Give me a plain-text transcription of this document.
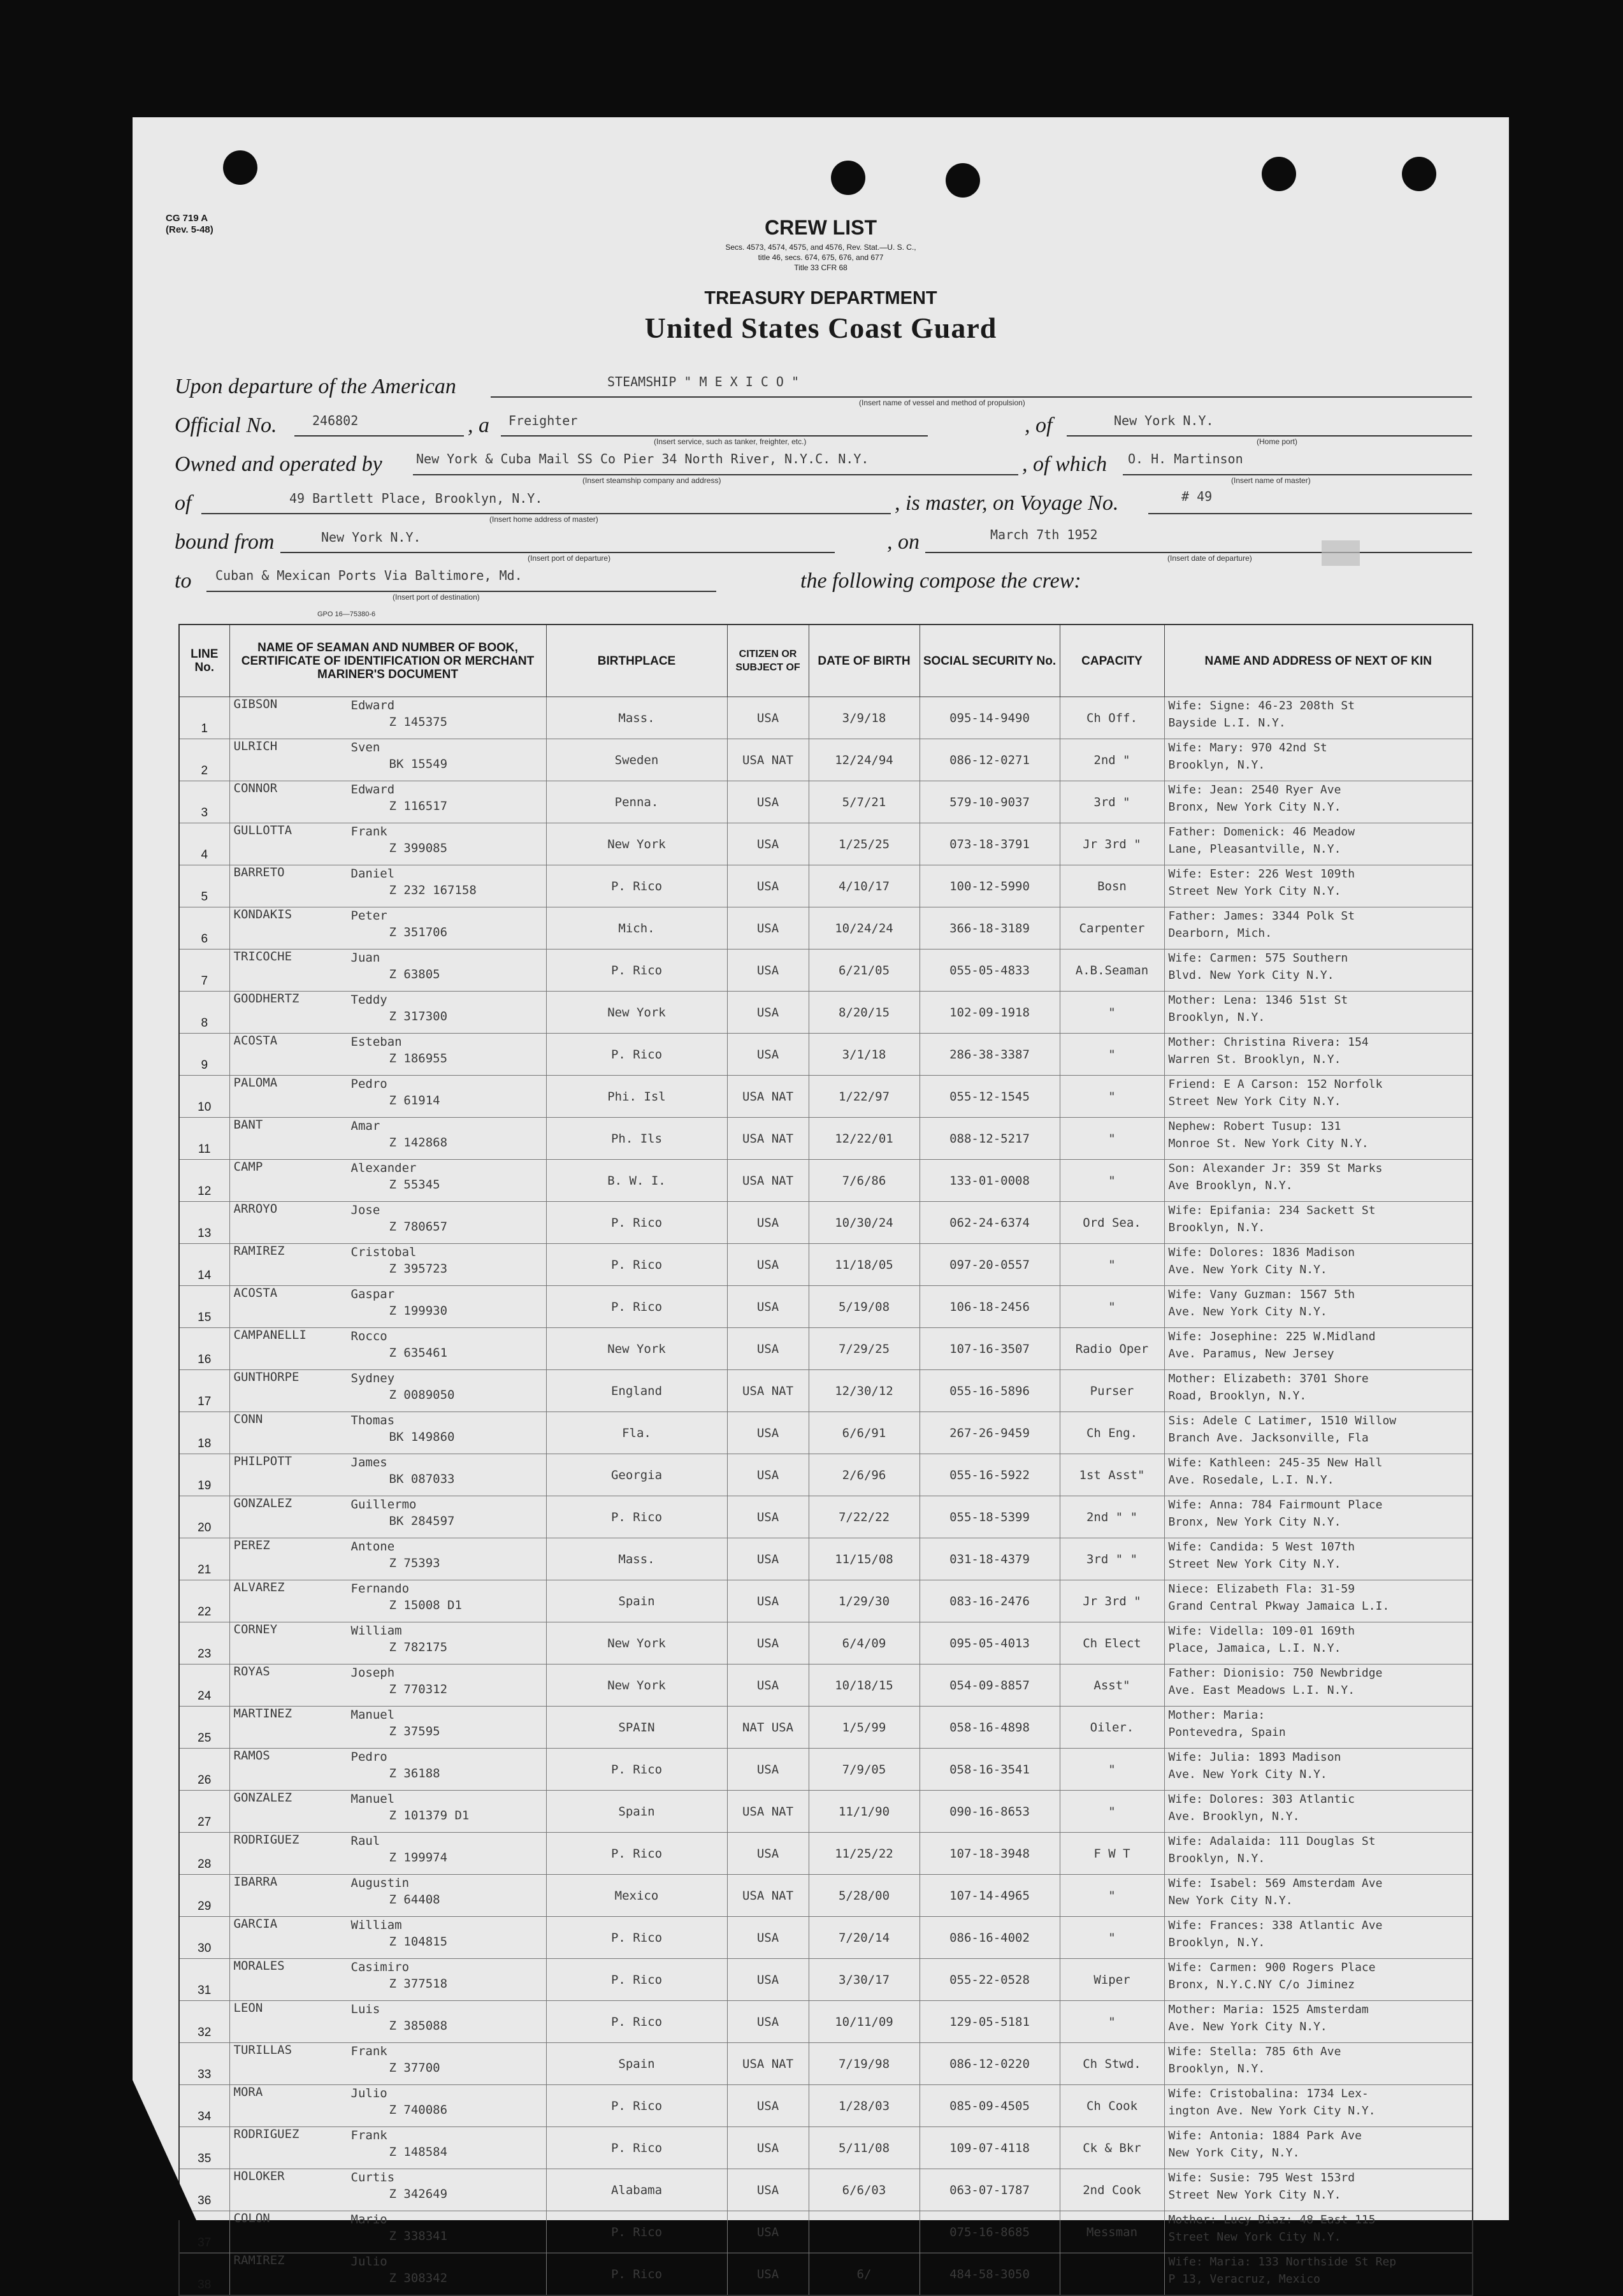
CG 719 A
(Rev. 5-48)	CREW LIST
Secs. 4573, 4574, 4575, and 4576, Rev. Stat.—U. S. C.,
title 46, secs. 674, 675, 676, and 677
Title 33 CFR 68
TREASURY DEPARTMENT
United States Coast Guard
Upon departure of the American	STEAMSHIP " M E X I C O "
(Insert name of vessel and method of propulsion)
Official No.	246802	, a Freighter
(Insert service, such as tanker, freighter, etc.)
, of	New York N.Y.
(Home port)
Owned and operated by	New York & Cuba Mail SS Co Pier 34 North River, N.Y.C. N.Y.
(Insert steamship company and address)
, of which O. H. Martinson
(Insert name of master)
of	49 Bartlett Place, Brooklyn, N.Y.
(Insert home address of master)
, is master, on Voyage No.	# 49
bound from	New York N.Y.
(Insert port of departure)
, on	March 7th 1952
(Insert date of departure)
to Cuban & Mexican Ports Via Baltimore, Md.
(Insert port of destination)
the following compose the crew:
GPO 16—75380-6
LINE No.	NAME OF SEAMAN AND NUMBER OF BOOK, CERTIFICATE OF IDENTIFICATION OR MERCHANT MARINER'S DOCUMENT	BIRTHPLACE	CITIZEN OR SUBJECT OF	DATE OF BIRTH	SOCIAL SECURITY No.	CAPACITY	NAME AND ADDRESS OF NEXT OF KIN
1	GIBSON Edward
Z 145375	Mass.	USA	3/9/18	095-14-9490	Ch Off.	Wife: Signe: 46-23 208th St
Bayside L.I. N.Y.

2	ULRICH Sven
BK 15549	Sweden	USA NAT	12/24/94	086-12-0271	2nd "	Wife: Mary: 970 42nd St
Brooklyn, N.Y.

3	CONNOR Edward
Z 116517	Penna.	USA	5/7/21	579-10-9037	3rd "	Wife: Jean: 2540 Ryer Ave
Bronx, New York City N.Y.

4	GULLOTTA Frank
Z 399085	New York	USA	1/25/25	073-18-3791	Jr 3rd "	Father: Domenick: 46 Meadow
Lane, Pleasantville, N.Y.

5	BARRETO Daniel
Z 232 167158	P. Rico	USA	4/10/17	100-12-5990	Bosn	Wife: Ester: 226 West 109th
Street New York City N.Y.

6	KONDAKIS Peter
Z 351706	Mich.	USA	10/24/24	366-18-3189	Carpenter	Father: James: 3344 Polk St
Dearborn, Mich.

7	TRICOCHE Juan
Z 63805	P. Rico	USA	6/21/05	055-05-4833	A.B.Seaman	Wife: Carmen: 575 Southern
Blvd. New York City N.Y.

8	GOODHERTZ Teddy
Z 317300	New York	USA	8/20/15	102-09-1918	"	Mother: Lena: 1346 51st St
Brooklyn, N.Y.

9	ACOSTA Esteban
Z 186955	P. Rico	USA	3/1/18	286-38-3387	"	Mother: Christina Rivera: 154
Warren St. Brooklyn, N.Y.

10	PALOMA Pedro
Z 61914	Phi. Isl	USA NAT	1/22/97	055-12-1545	"	Friend: E A Carson: 152 Norfolk
Street New York City N.Y.

11	BANT Amar
Z 142868	Ph. Ils	USA NAT	12/22/01	088-12-5217	"	Nephew: Robert Tusup: 131
Monroe St. New York City N.Y.

12	CAMP Alexander
Z 55345	B. W. I.	USA NAT	7/6/86	133-01-0008	"	Son: Alexander Jr: 359 St Marks
Ave Brooklyn, N.Y.

13	ARROYO Jose
Z 780657	P. Rico	USA	10/30/24	062-24-6374	Ord Sea.	Wife: Epifania: 234 Sackett St
Brooklyn, N.Y.

14	RAMIREZ Cristobal
Z 395723	P. Rico	USA	11/18/05	097-20-0557	"	Wife: Dolores: 1836 Madison
Ave. New York City N.Y.

15	ACOSTA Gaspar
Z 199930	P. Rico	USA	5/19/08	106-18-2456	"	Wife: Vany Guzman: 1567 5th
Ave. New York City N.Y.

16	CAMPANELLI Rocco
Z 635461	New York	USA	7/29/25	107-16-3507	Radio Oper	Wife: Josephine: 225 W.Midland
Ave. Paramus, New Jersey

17	GUNTHORPE Sydney
Z 0089050	England	USA NAT	12/30/12	055-16-5896	Purser	Mother: Elizabeth: 3701 Shore
Road, Brooklyn, N.Y.

18	CONN Thomas
BK 149860	Fla.	USA	6/6/91	267-26-9459	Ch Eng.	Sis: Adele C Latimer, 1510 Willow
Branch Ave. Jacksonville, Fla

19	PHILPOTT James
BK 087033	Georgia	USA	2/6/96	055-16-5922	1st Asst"	Wife: Kathleen: 245-35 New Hall
Ave. Rosedale, L.I. N.Y.

20	GONZALEZ Guillermo
BK 284597	P. Rico	USA	7/22/22	055-18-5399	2nd " "	Wife: Anna: 784 Fairmount Place
Bronx, New York City N.Y.

21	PEREZ Antone
Z 75393	Mass.	USA	11/15/08	031-18-4379	3rd " "	Wife: Candida: 5 West 107th
Street New York City N.Y.

22	ALVAREZ Fernando
Z 15008 D1	Spain	USA	1/29/30	083-16-2476	Jr 3rd "	Niece: Elizabeth Fla: 31-59
Grand Central Pkway Jamaica L.I.

23	CORNEY William
Z 782175	New York	USA	6/4/09	095-05-4013	Ch Elect	Wife: Vidella: 109-01 169th
Place, Jamaica, L.I. N.Y.

24	ROYAS Joseph
Z 770312	New York	USA	10/18/15	054-09-8857	Asst"	Father: Dionisio: 750 Newbridge
Ave. East Meadows L.I. N.Y.

25	MARTINEZ Manuel
Z 37595	SPAIN	NAT USA	1/5/99	058-16-4898	Oiler.	Mother: Maria:
Pontevedra, Spain

26	RAMOS Pedro
Z 36188	P. Rico	USA	7/9/05	058-16-3541	"	Wife: Julia: 1893 Madison
Ave. New York City N.Y.

27	GONZALEZ Manuel
Z 101379 D1	Spain	USA NAT	11/1/90	090-16-8653	"	Wife: Dolores: 303 Atlantic
Ave. Brooklyn, N.Y.

28	RODRIGUEZ Raul
Z 199974	P. Rico	USA	11/25/22	107-18-3948	F W T	Wife: Adalaida: 111 Douglas St
Brooklyn, N.Y.

29	IBARRA Augustin
Z 64408	Mexico	USA NAT	5/28/00	107-14-4965	"	Wife: Isabel: 569 Amsterdam Ave
New York City N.Y.

30	GARCIA William
Z 104815	P. Rico	USA	7/20/14	086-16-4002	"	Wife: Frances: 338 Atlantic Ave
Brooklyn, N.Y.

31	MORALES Casimiro
Z 377518	P. Rico	USA	3/30/17	055-22-0528	Wiper	Wife: Carmen: 900 Rogers Place
Bronx, N.Y.C.NY C/o Jiminez

32	LEON Luis
Z 385088	P. Rico	USA	10/11/09	129-05-5181	"	Mother: Maria: 1525 Amsterdam
Ave. New York City N.Y.

33	TURILLAS Frank
Z 37700	Spain	USA NAT	7/19/98	086-12-0220	Ch Stwd.	Wife: Stella: 785 6th Ave
Brooklyn, N.Y.

34	MORA Julio
Z 740086	P. Rico	USA	1/28/03	085-09-4505	Ch Cook	Wife: Cristobalina: 1734 Lex-
ington Ave. New York City N.Y.

35	RODRIGUEZ Frank
Z 148584	P. Rico	USA	5/11/08	109-07-4118	Ck & Bkr	Wife: Antonia: 1884 Park Ave
New York City, N.Y.

36	HOLOKER Curtis
Z 342649	Alabama	USA	6/6/03	063-07-1787	2nd Cook	Wife: Susie: 795 West 153rd
Street New York City N.Y.

37	COLON Mario
Z 338341	P. Rico	USA		075-16-8685	Messman	Mother: Lucy Diaz: 48 East 115
Street New York City N.Y.

38	RAMIREZ Julio
Z 308342	P. Rico	USA	6/	484-58-3050		Wife: Maria: 133 Northside St Rep
P 13, Veracruz, Mexico
